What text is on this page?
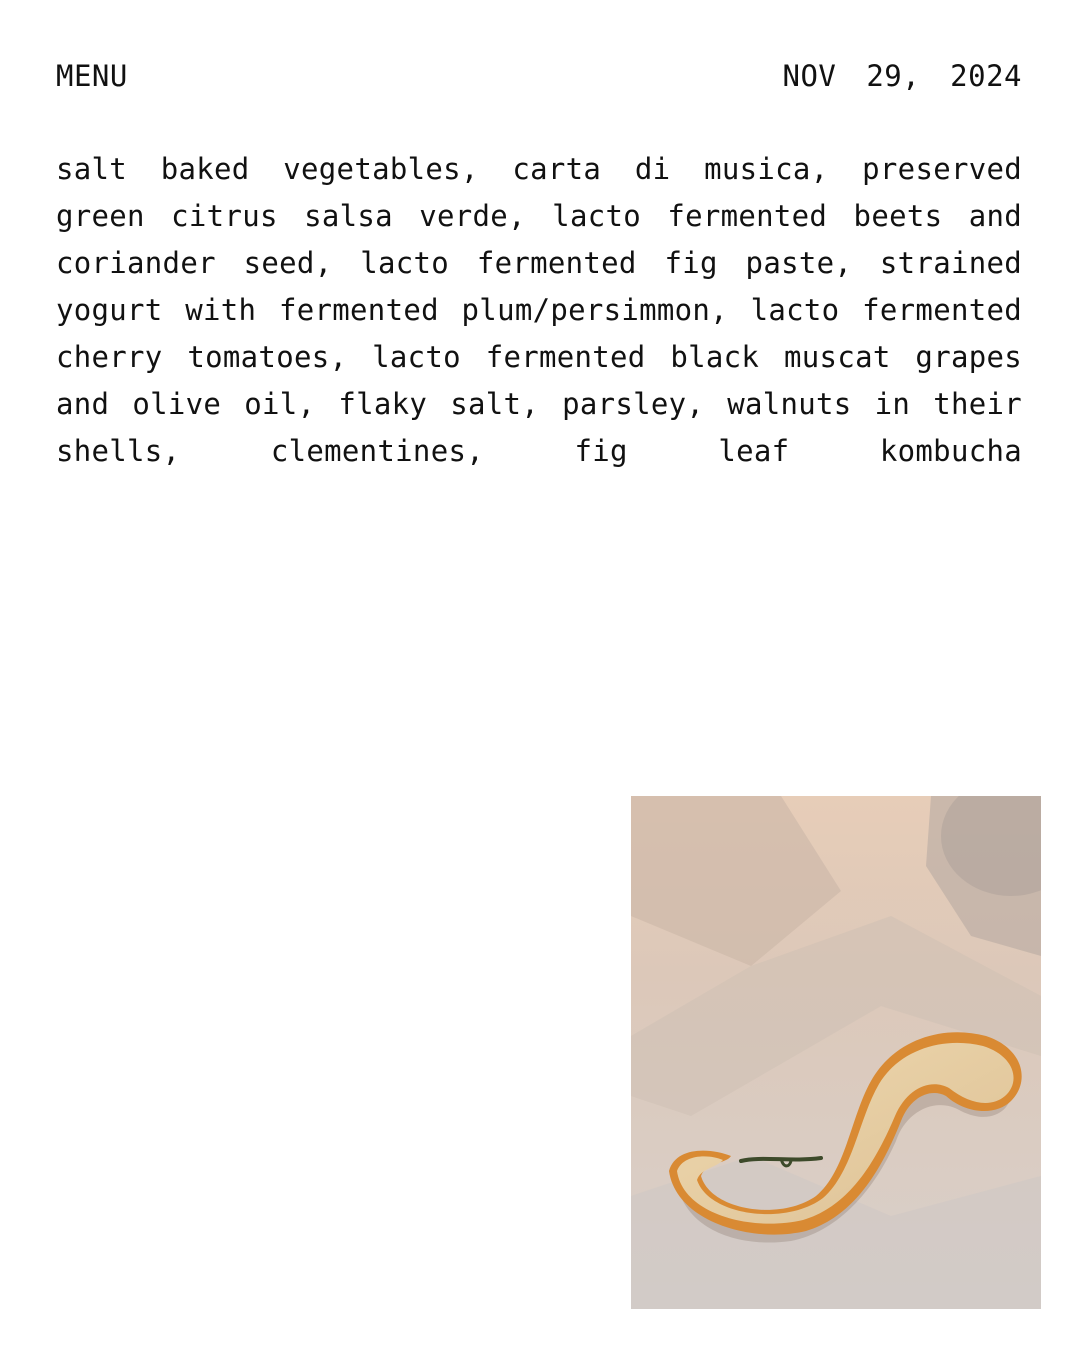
MENU	NOV 29, 2024

salt baked vegetables, carta di musica, preserved green citrus salsa verde, lacto fermented beets and coriander seed, lacto fermented fig paste, strained yogurt with fermented plum/persimmon, lacto fermented cherry tomatoes, lacto fermented black muscat grapes and olive oil, flaky salt, parsley, walnuts in their shells, clementines, fig leaf kombucha
